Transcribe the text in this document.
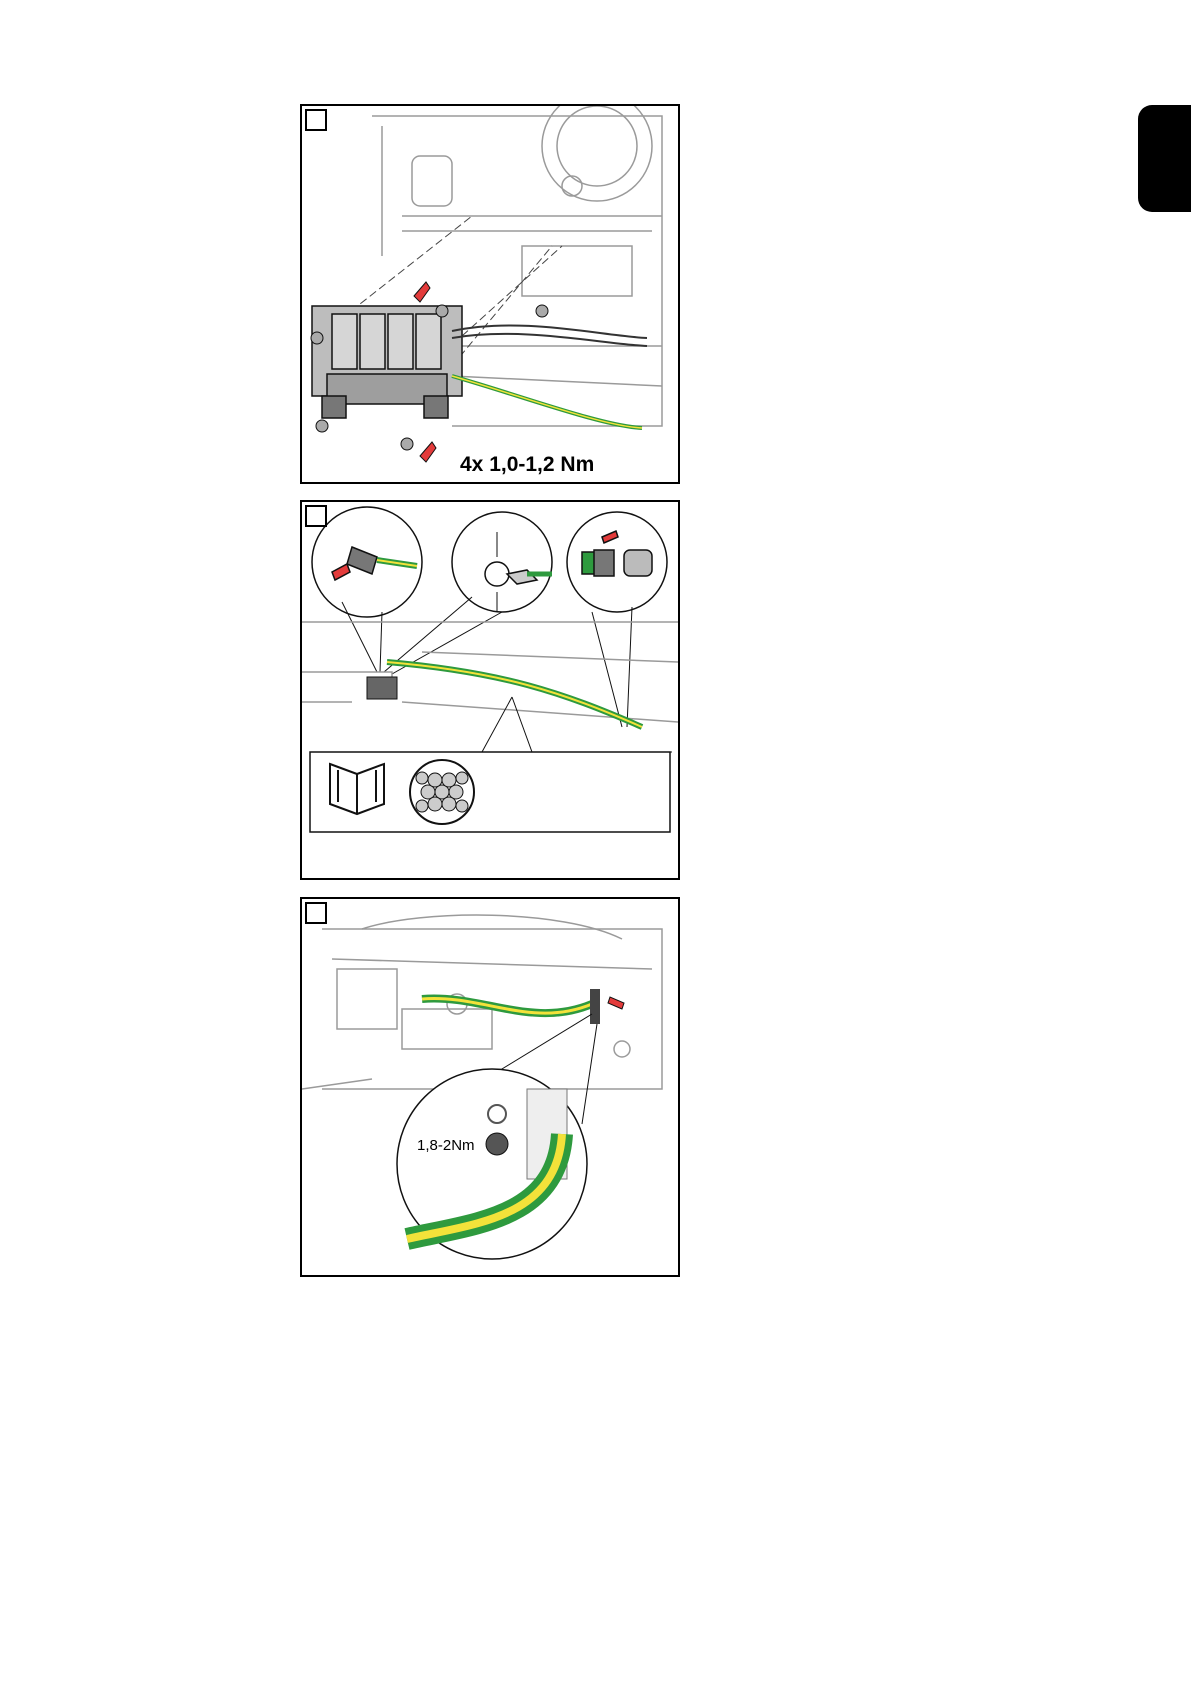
4x 1,0-1,2 Nm
1,8-2Nm
